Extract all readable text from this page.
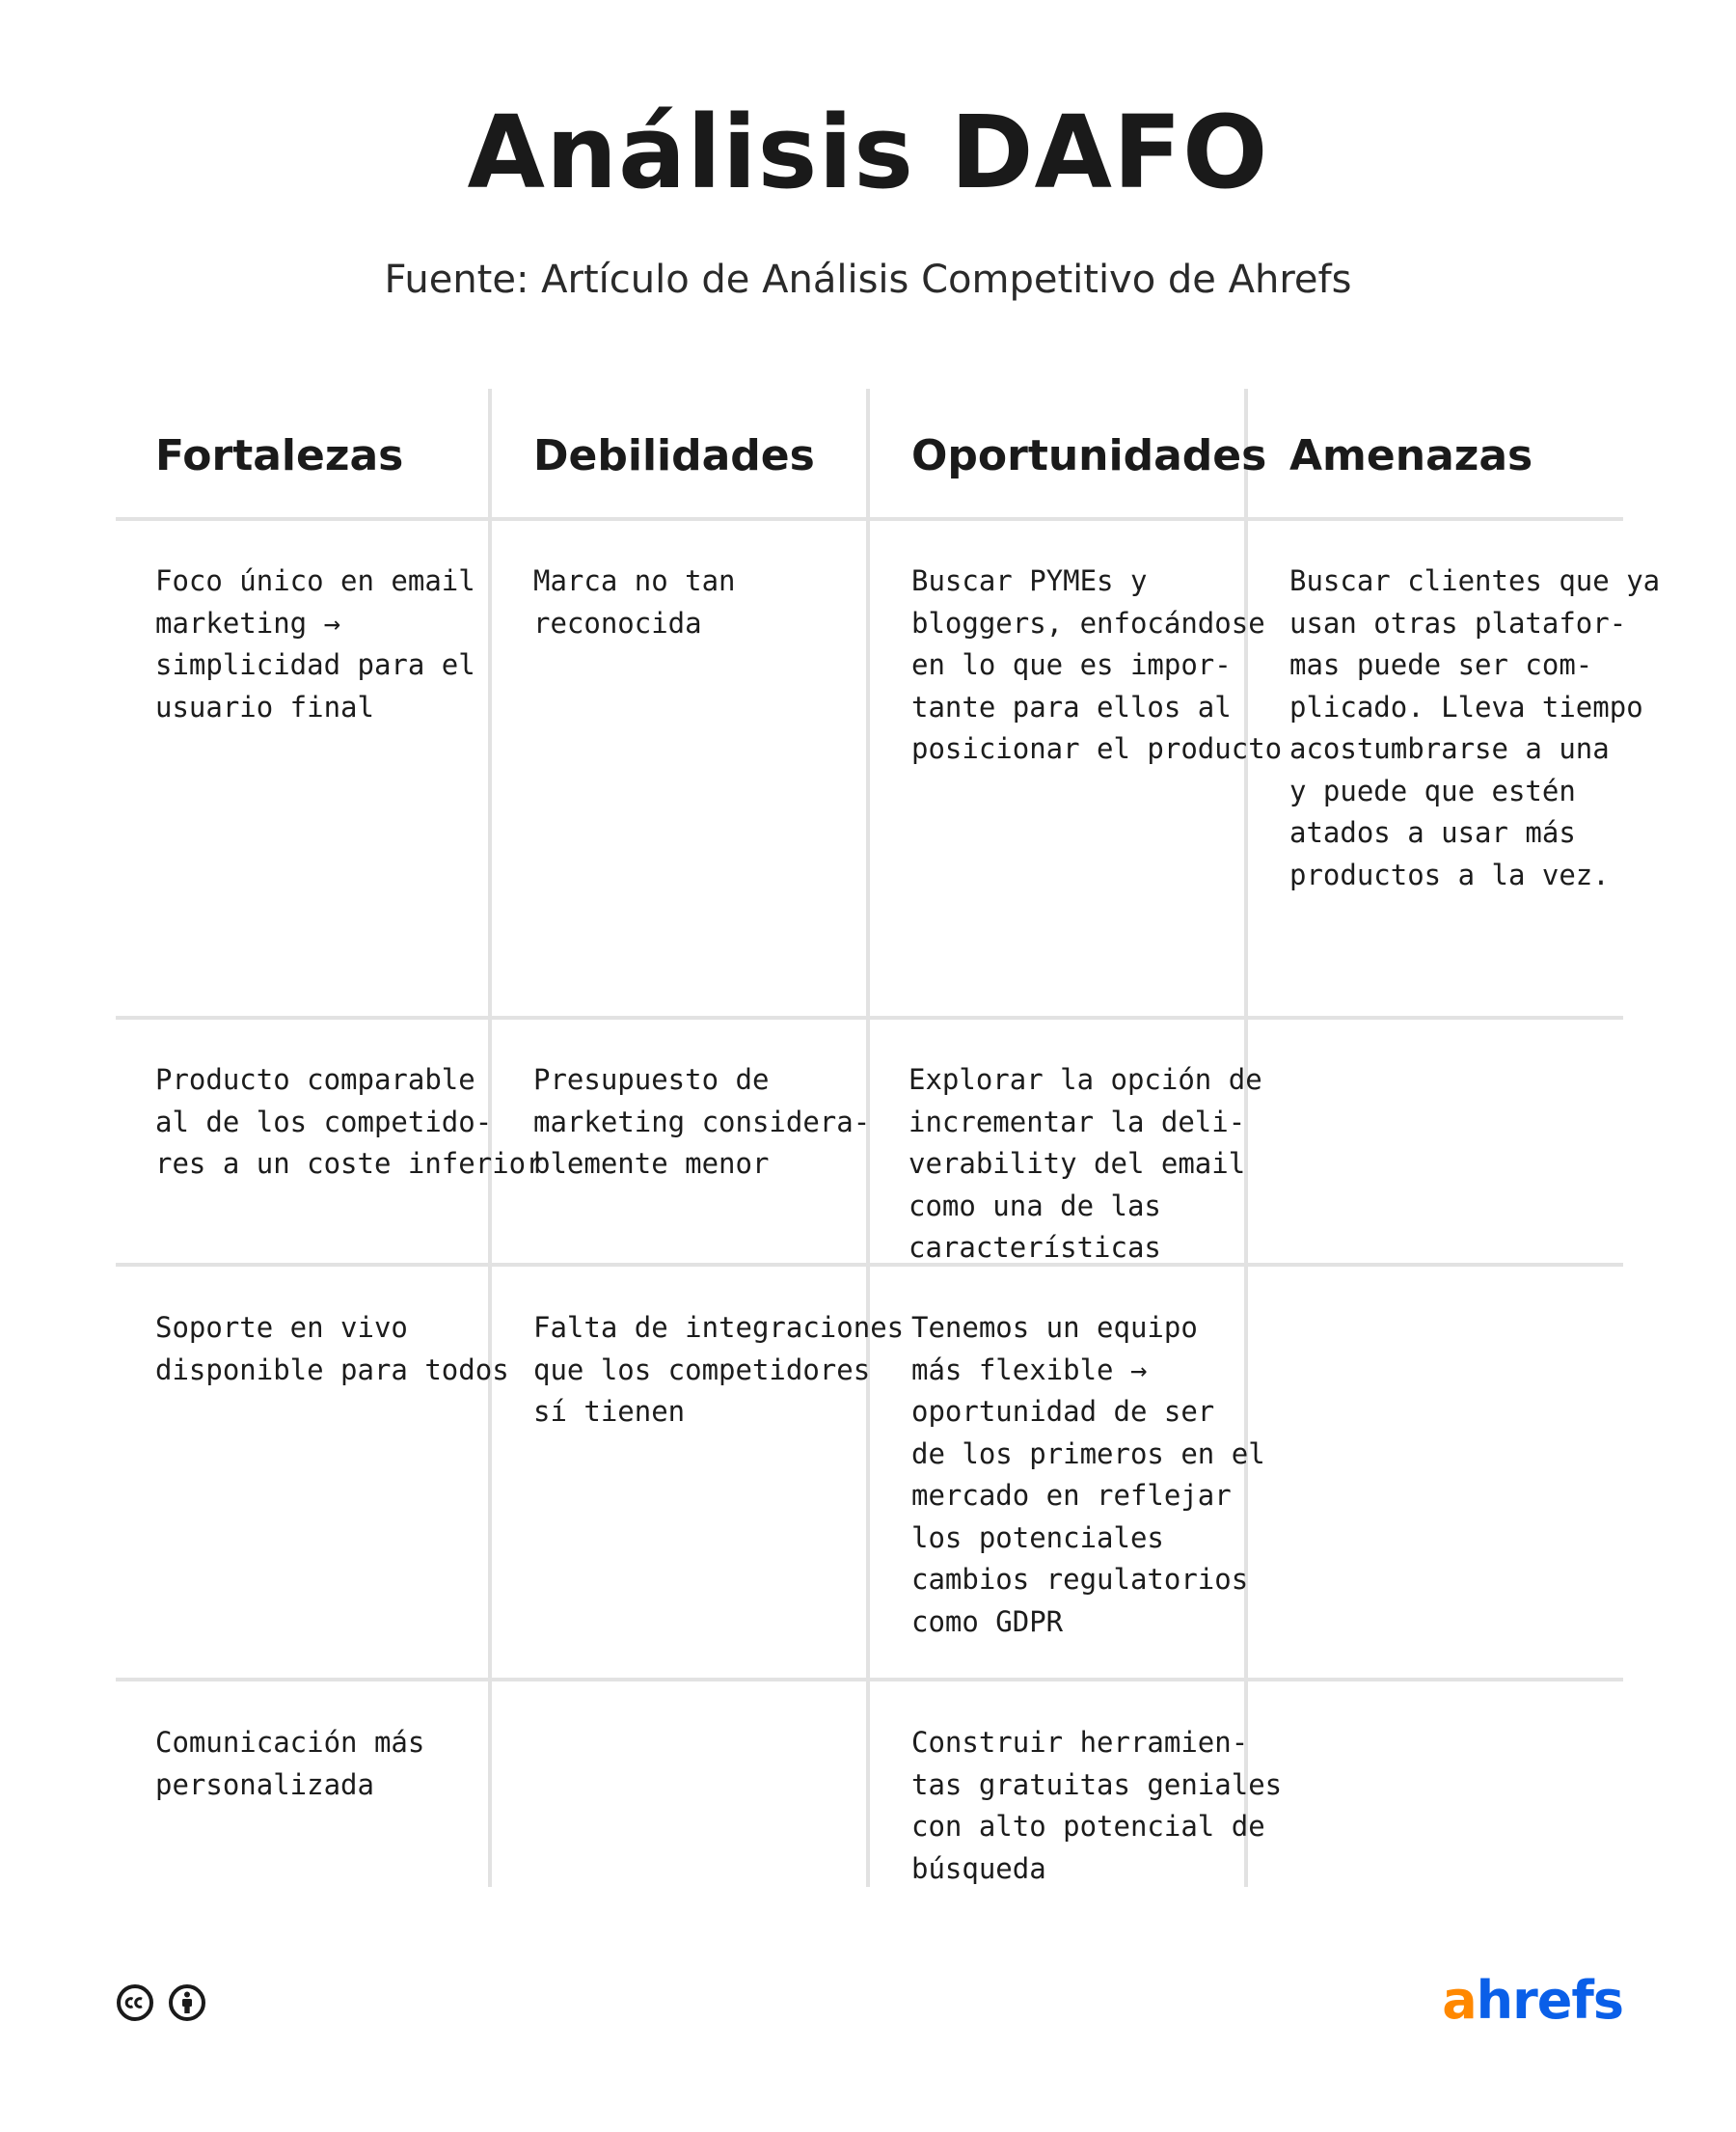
Análisis DAFO
Fuente: Artículo de Análisis Competitivo de Ahrefs
Fortalezas	Debilidades Oportunidades Amenazas
Foco único en email
marketing →
simplicidad para el
usuario final
Marca no tan
reconocida
Buscar PYMEs y
bloggers, enfocándose
en lo que es impor-
tante para ellos al
posicionar el producto
Buscar clientes que ya
usan otras platafor-
mas puede ser com-
plicado. Lleva tiempo
acostumbrarse a una
y puede que estén
atados a usar más
productos a la vez.
Producto comparable
al de los competido-
res a un coste inferior
Presupuesto de
marketing considera-
blemente menor
Explorar la opción de
incrementar la deli-
verability del email
como una de las
características
Soporte en vivo
disponible para todos
Falta de integraciones
que los competidores
sí tienen
Tenemos un equipo
más flexible →
oportunidad de ser
de los primeros en el
mercado en reflejar
los potenciales
cambios regulatorios
como GDPR
Comunicación más
personalizada
Construir herramien-
tas gratuitas geniales
con alto potencial de
búsqueda
ahrefs
